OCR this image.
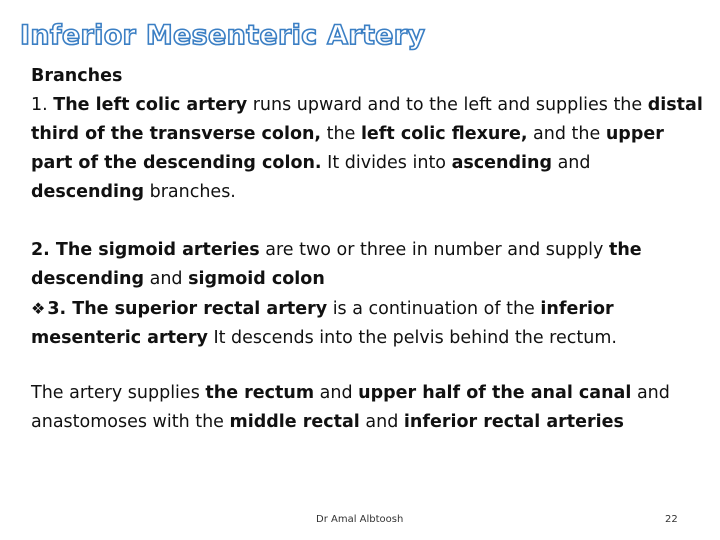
Inferior Mesenteric Artery

Branches

1. The left colic artery runs upward and to the left and supplies the distal third of the transverse colon, the left colic flexure, and the upper part of the descending colon. It divides into ascending and descending branches.

2. The sigmoid arteries are two or three in number and supply the descending and sigmoid colon

❖ 3. The superior rectal artery is a continuation of the inferior mesenteric artery It descends into the pelvis behind the rectum.

The artery supplies the rectum and upper half of the anal canal and anastomoses with the middle rectal and inferior rectal arteries

Dr Amal Albtoosh	22
